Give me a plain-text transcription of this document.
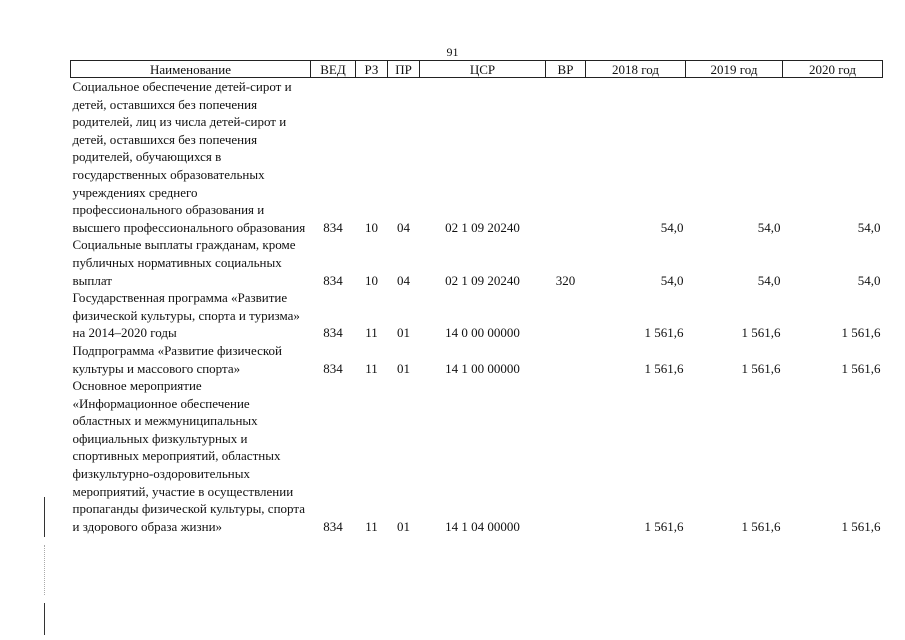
91
Наименование	ВЕД	РЗ	ПР	ЦСР	ВР	2018 год	2019 год	2020 год
Социальное обеспечение детей-сирот и детей, оставшихся без попечения родителей, лиц из числа детей-сирот и детей, оставшихся без попечения родителей, обучающихся в государственных образовательных учреждениях среднего профессионального образования и высшего профессионального образования	834	10	04	02 1 09 20240		54,0	54,0	54,0
Социальные выплаты гражданам, кроме публичных нормативных социальных выплат	834	10	04	02 1 09 20240	320	54,0	54,0	54,0
Государственная программа «Развитие физической культуры, спорта и туризма» на 2014–2020 годы	834	11	01	14 0 00 00000		1 561,6	1 561,6	1 561,6
Подпрограмма «Развитие физической культуры и массового спорта»	834	11	01	14 1 00 00000		1 561,6	1 561,6	1 561,6
Основное мероприятие «Информационное обеспечение областных и межмуниципальных официальных физкультурных и спортивных мероприятий, областных физкультурно-оздоровительных мероприятий, участие в осуществлении пропаганды физической культуры, спорта и здорового образа жизни»	834	11	01	14 1 04 00000		1 561,6	1 561,6	1 561,6
